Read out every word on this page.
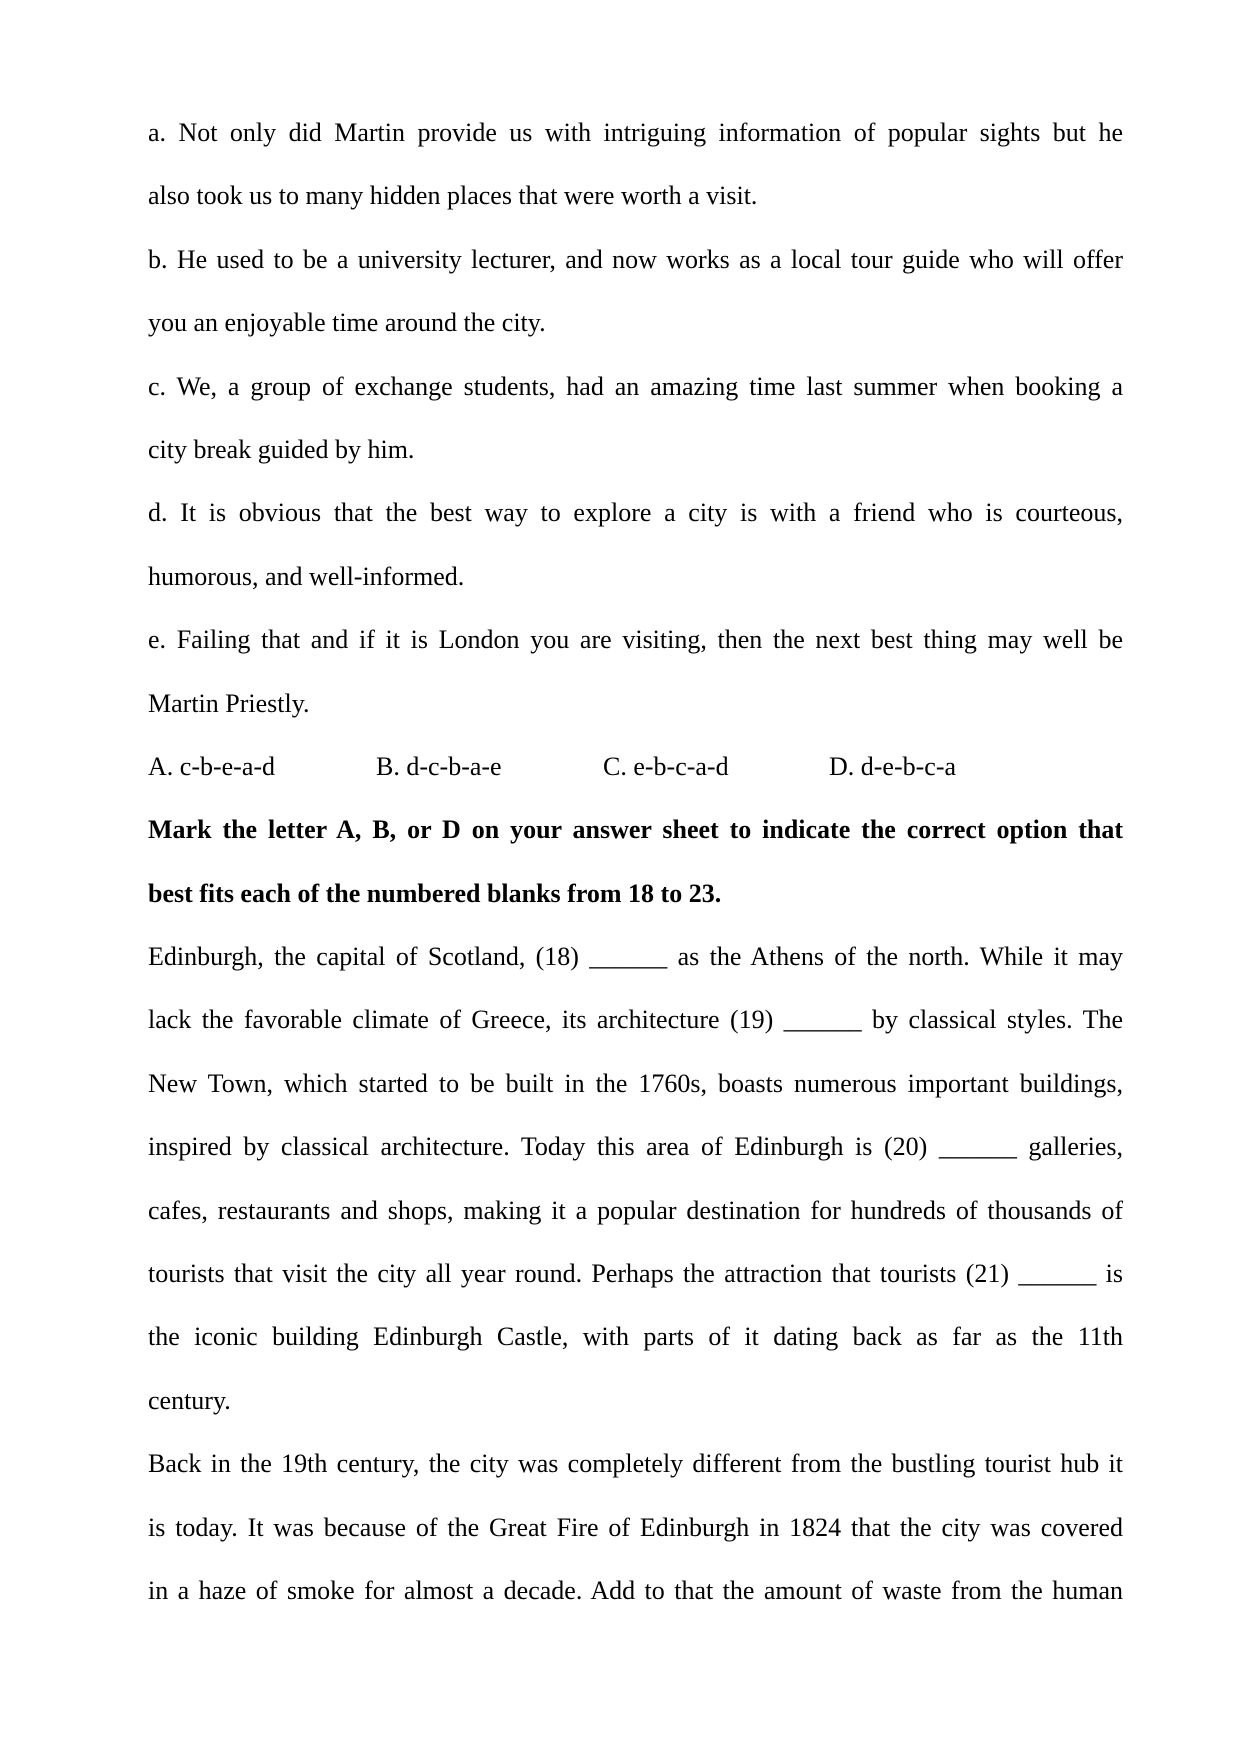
a. Not only did Martin provide us with intriguing information of popular sights but he
also took us to many hidden places that were worth a visit.
b. He used to be a university lecturer, and now works as a local tour guide who will offer
you an enjoyable time around the city.
c. We, a group of exchange students, had an amazing time last summer when booking a
city break guided by him.
d. It is obvious that the best way to explore a city is with a friend who is courteous,
humorous, and well-informed.
e. Failing that and if it is London you are visiting, then the next best thing may well be
Martin Priestly.
A. c-b-e-a-d	B. d-c-b-a-e	C. e-b-c-a-d	D. d-e-b-c-a
Mark the letter A, B, or D on your answer sheet to indicate the correct option that
best fits each of the numbered blanks from 18 to 23.
Edinburgh, the capital of Scotland, (18) ______ as the Athens of the north. While it may
lack the favorable climate of Greece, its architecture (19) ______ by classical styles. The
New Town, which started to be built in the 1760s, boasts numerous important buildings,
inspired by classical architecture. Today this area of Edinburgh is (20) ______ galleries,
cafes, restaurants and shops, making it a popular destination for hundreds of thousands of
tourists that visit the city all year round. Perhaps the attraction that tourists (21) ______ is
the iconic building Edinburgh Castle, with parts of it dating back as far as the 11th
century.
Back in the 19th century, the city was completely different from the bustling tourist hub it
is today. It was because of the Great Fire of Edinburgh in 1824 that the city was covered
in a haze of smoke for almost a decade. Add to that the amount of waste from the human
